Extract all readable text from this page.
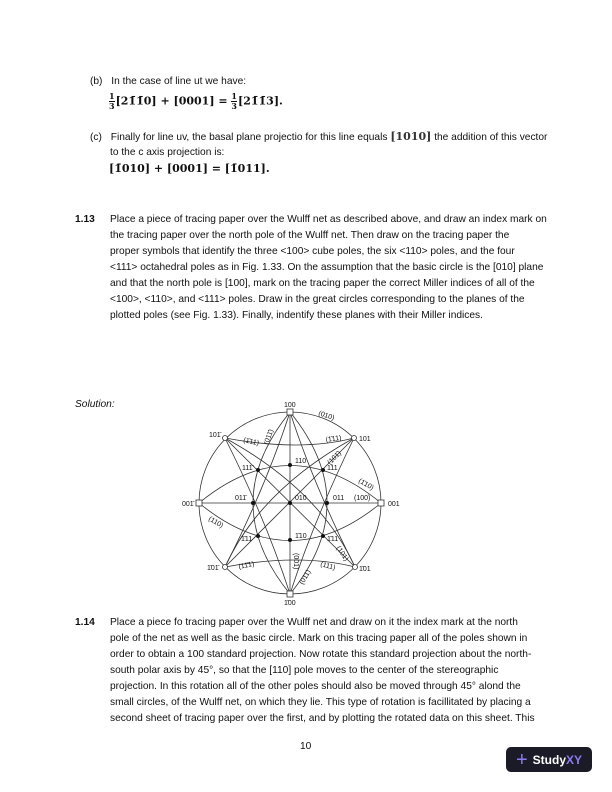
(b) In the case of line ut we have:
$\frac{1}{3}$ [21̄1̄0] + $[0001] = \frac{1}{3}$ [21̄1̄3].
(c) Finally for line uv, the basal plane projectio for this line equals [1010] the addition of this vector
to the c axis projection is:
[1̄010] + [0001] = [1̄011].
1.13 Place a piece of tracing paper over the Wulff net as described above, and draw an index mark on
the tracing paper over the north pole of the Wulff net. Then draw on the tracing paper the
proper symbols that identify the three <100> cube poles, the six <110> poles, and the four
<111> octahedral poles as in Fig. 1.33. On the assumption that the basic circle is the [010] plane
and that the north pole is [100], mark on the tracing paper the correct Miller indices of all of the
<100>, <110>, and <111> poles. Draw in the great circles corresponding to the planes of the
plotted poles (see Fig. 1.33). Finally, indentify these planes with their Miller indices.
Solution:	100
001̄	001
1̄00
101̄
101
1̄01̄	1̄01
110
1̄10
111̄	111
1̄11	1̄11
011̄	010	011
(010)
(011̄)
(1̄11)	(1̄11)
(101̄)
(1̄10)
(100)
(110)
(101)
(111)
(11̄1)	(001)
(011)
1.14 Place a piece fo tracing paper over the Wulff net and draw on it the index mark at the north
pole of the net as well as the basic circle. Mark on this tracing paper all of the poles shown in
order to obtain a 100 standard projection. Now rotate this standard projection about the north-
south polar axis by 45°, so that the [110] pole moves to the center of the stereographic
projection. In this rotation all of the other poles should also be moved through 45° alond the
small circles, of the Wulff net, on which they lie. This type of rotation is facillitated by placing a
second sheet of tracing paper over the first, and by plotting the rotated data on this sheet. This
10
+ StudyXY
